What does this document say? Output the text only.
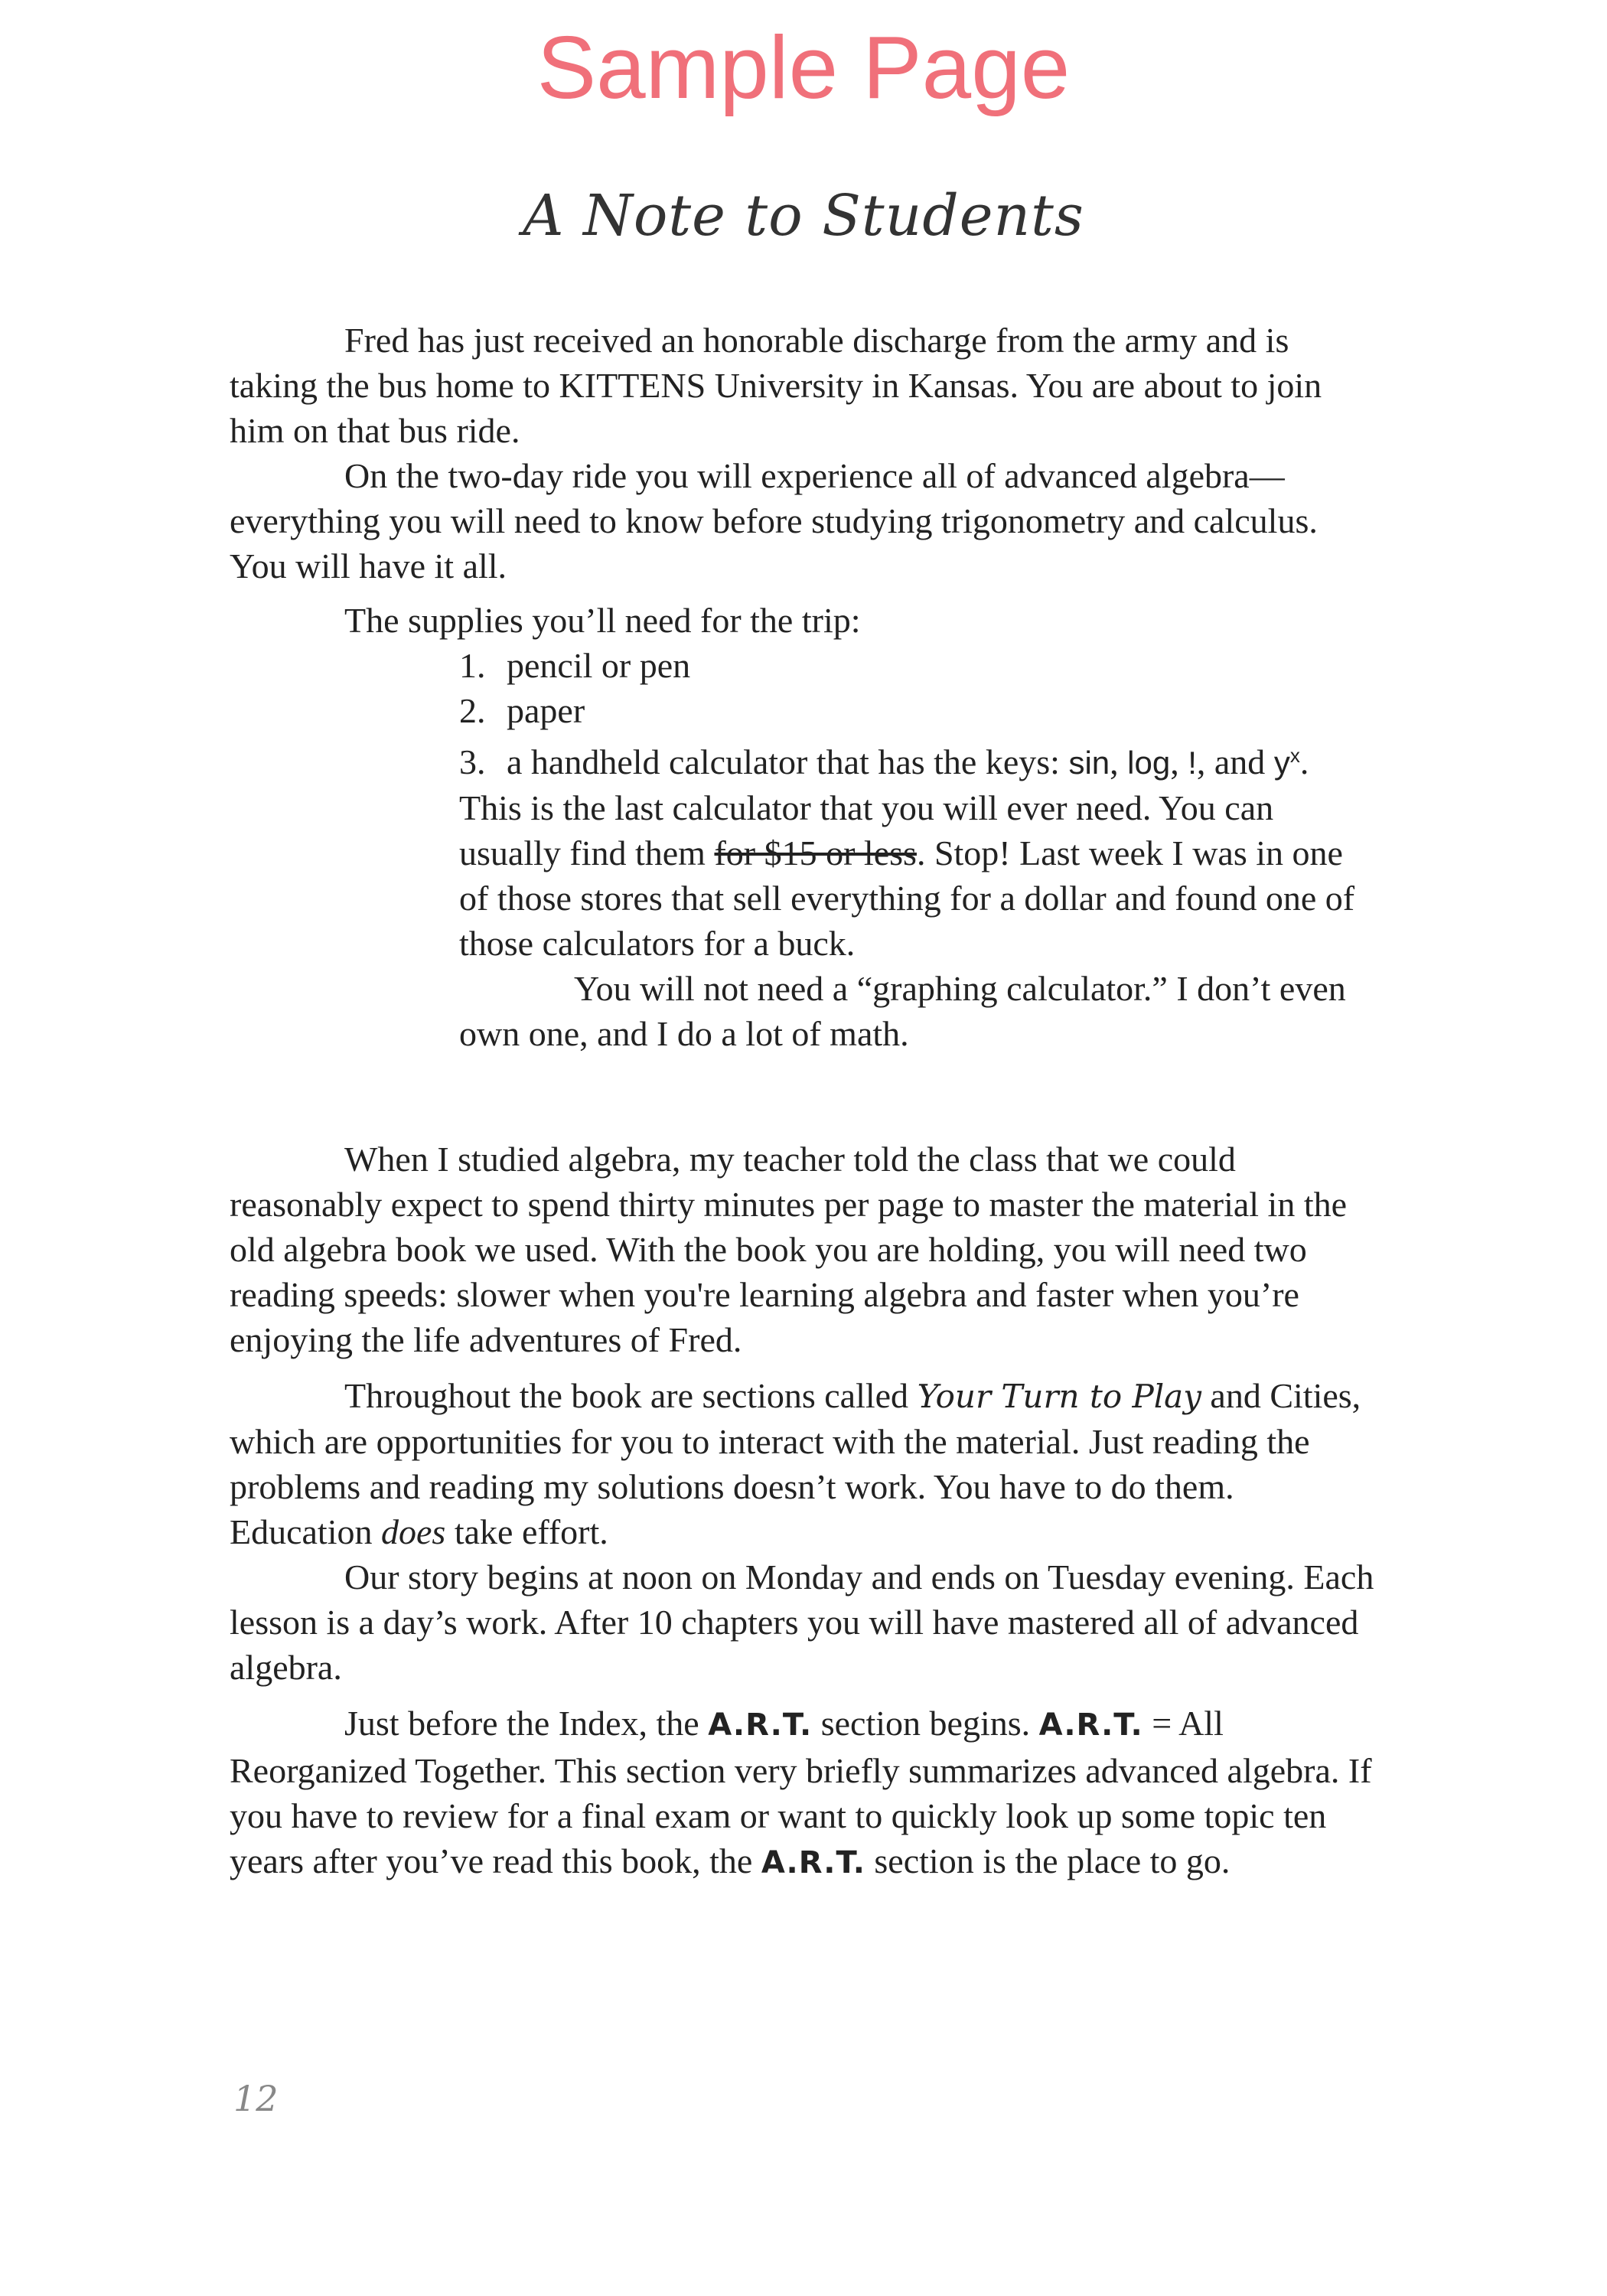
Sample Page
A Note to Students

Fred has just received an honorable discharge from the army and is taking the bus home to KITTENS University in Kansas. You are about to join him on that bus ride.

On the two-day ride you will experience all of advanced algebra—everything you will need to know before studying trigonometry and calculus. You will have it all.

The supplies you’ll need for the trip:

1. pencil or pen
2. paper
3. a handheld calculator that has the keys: sin, log, !, and $y^x$. This is the last calculator that you will ever need. You can usually find them for $15 or less. Stop! Last week I was in one of those stores that sell everything for a dollar and found one of those calculators for a buck.
You will not need a “graphing calculator.” I don’t even own one, and I do a lot of math.

When I studied algebra, my teacher told the class that we could reasonably expect to spend thirty minutes per page to master the material in the old algebra book we used. With the book you are holding, you will need two reading speeds: slower when you're learning algebra and faster when you’re enjoying the life adventures of Fred.

Throughout the book are sections called Your Turn to Play and Cities, which are opportunities for you to interact with the material. Just reading the problems and reading my solutions doesn’t work. You have to do them. Education does take effort.

Our story begins at noon on Monday and ends on Tuesday evening. Each lesson is a day’s work. After 10 chapters you will have mastered all of advanced algebra.

Just before the Index, the A.R.T. section begins. A.R.T. = All Reorganized Together. This section very briefly summarizes advanced algebra. If you have to review for a final exam or want to quickly look up some topic ten years after you’ve read this book, the A.R.T. section is the place to go.

12
